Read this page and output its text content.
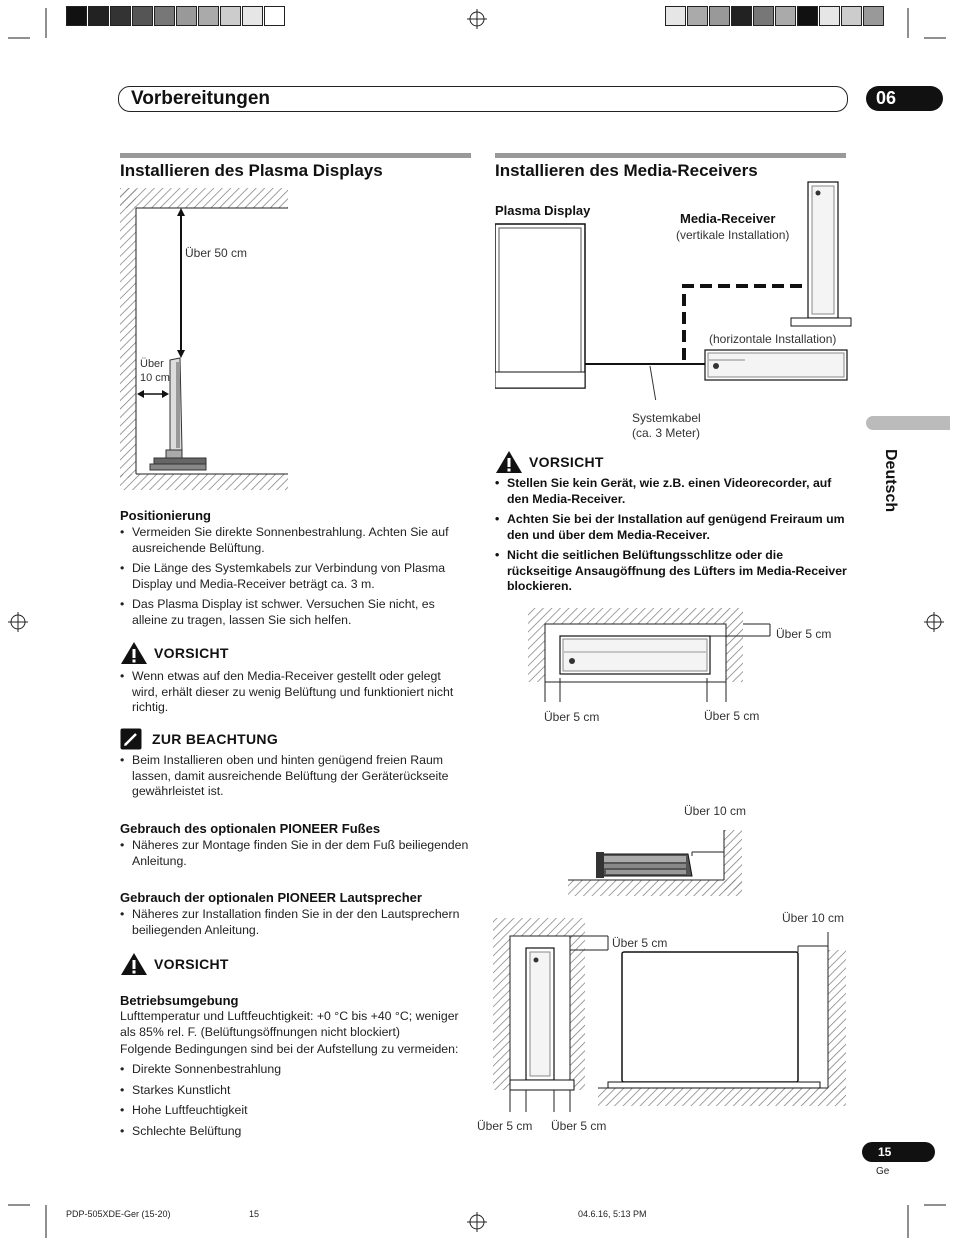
Vorbereitungen	06
Deutsch
Installieren des Plasma Displays
Über 50 cm
Über
10 cm
Positionierung
• Vermeiden Sie direkte Sonnenbestrahlung. Achten Sie auf ausreichende Belüftung.
• Die Länge des Systemkabels zur Verbindung von Plasma Display und Media-Receiver beträgt ca. 3 m.
• Das Plasma Display ist schwer. Versuchen Sie nicht, es alleine zu tragen, lassen Sie sich helfen.
VORSICHT
• Wenn etwas auf den Media-Receiver gestellt oder gelegt wird, erhält dieser zu wenig Belüftung und funktioniert nicht richtig.
ZUR BEACHTUNG
• Beim Installieren oben und hinten genügend freien Raum lassen, damit ausreichende Belüftung der Geräterückseite gewährleistet ist.
Gebrauch des optionalen PIONEER Fußes
• Näheres zur Montage finden Sie in der dem Fuß beiliegenden Anleitung.
Gebrauch der optionalen PIONEER Lautsprecher
• Näheres zur Installation finden Sie in der den Lautsprechern beiliegenden Anleitung.
VORSICHT
Betriebsumgebung
Lufttemperatur und Luftfeuchtigkeit: +0 °C bis +40 °C; weniger als 85% rel. F. (Belüftungsöffnungen nicht blockiert)
Folgende Bedingungen sind bei der Aufstellung zu vermeiden:
• Direkte Sonnenbestrahlung
• Starkes Kunstlicht
• Hohe Luftfeuchtigkeit
• Schlechte Belüftung
Installieren des Media-Receivers
Plasma Display
Media-Receiver
(vertikale Installation)
(horizontale Installation)
Systemkabel
(ca. 3 Meter)
VORSICHT
• Stellen Sie kein Gerät, wie z.B. einen Videorecorder, auf den Media-Receiver.
• Achten Sie bei der Installation auf genügend Freiraum um den und über dem Media-Receiver.
• Nicht die seitlichen Belüftungsschlitze oder die rückseitige Ansaugöffnung des Lüfters im Media-Receiver blockieren.
Über 5 cm
Über 5 cm	Über 5 cm
Über 10 cm
Über 10 cm
Über 5 cm
Über 5 cm Über 5 cm
15
Ge
PDP-505XDE-Ger (15-20)	15	04.6.16, 5:13 PM
